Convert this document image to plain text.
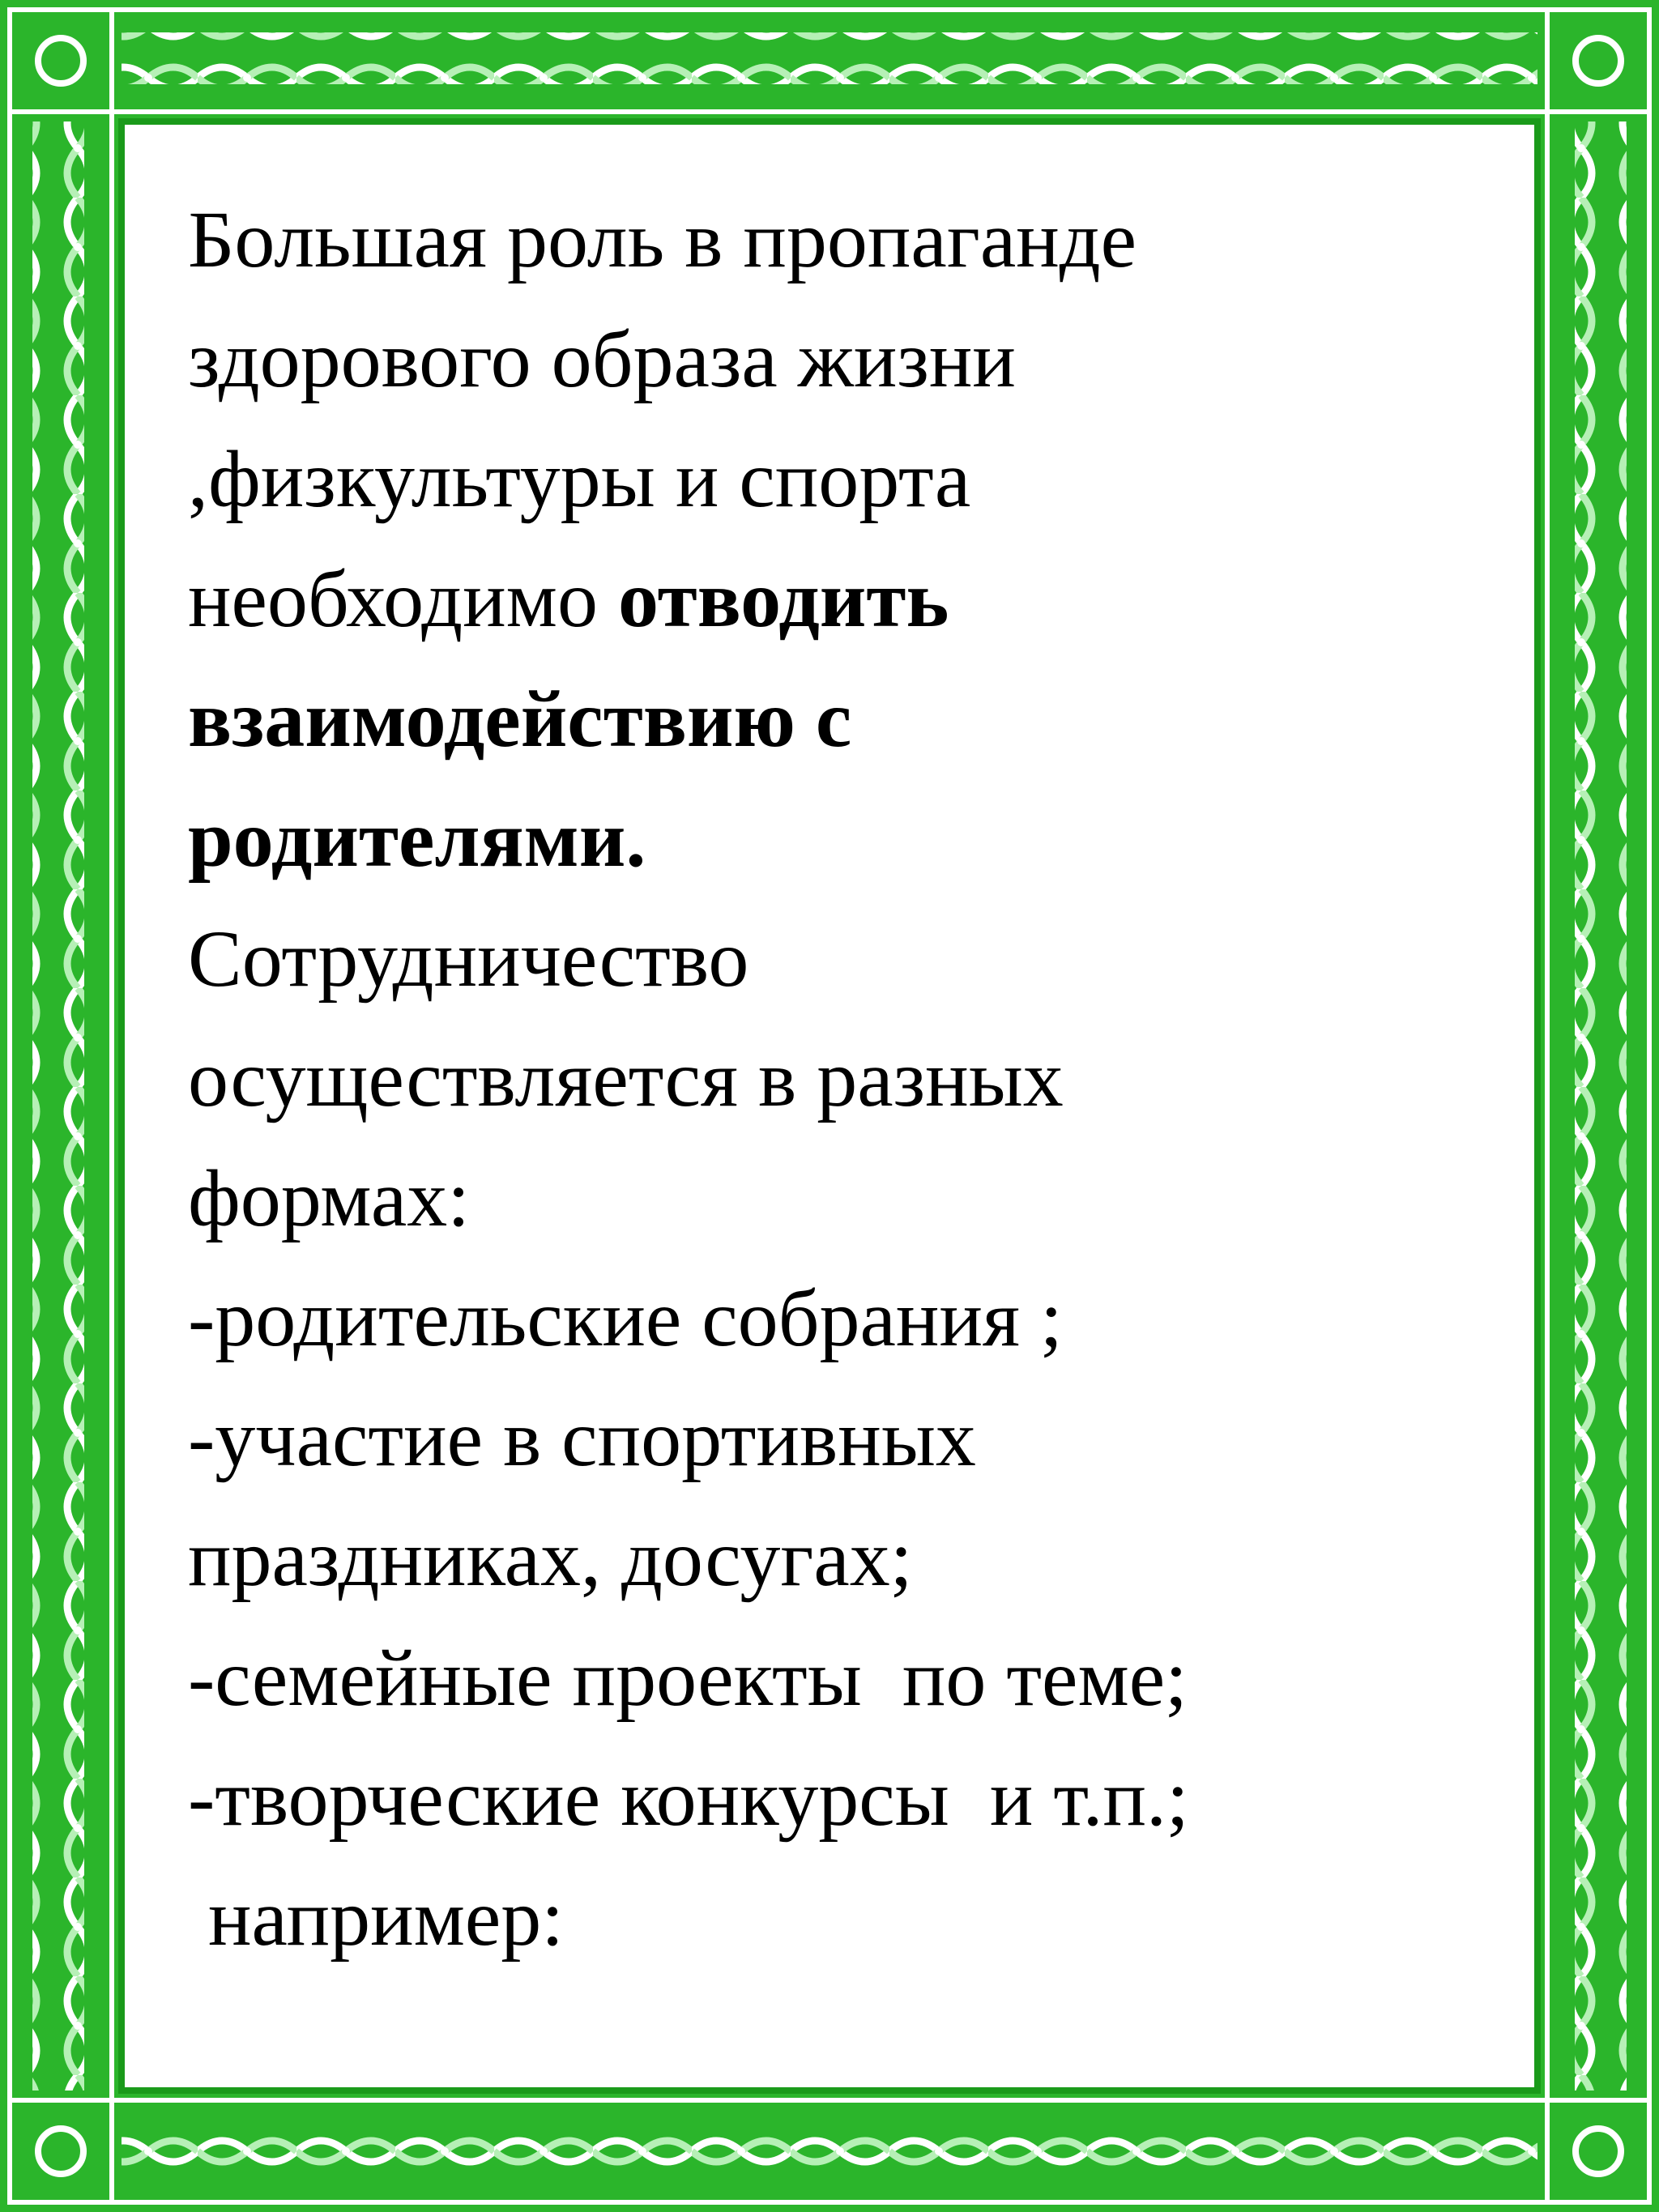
Большая роль в пропаганде
здорового образа жизни
,физкультуры и спорта
необходимо отводить
взаимодействию с
родителями.
Сотрудничество
осуществляется в разных
формах:
-родительские собрания ;
-участие в спортивных
праздниках, досугах;
-семейные проекты  по теме;
-творческие конкурсы  и т.п.;
например:
